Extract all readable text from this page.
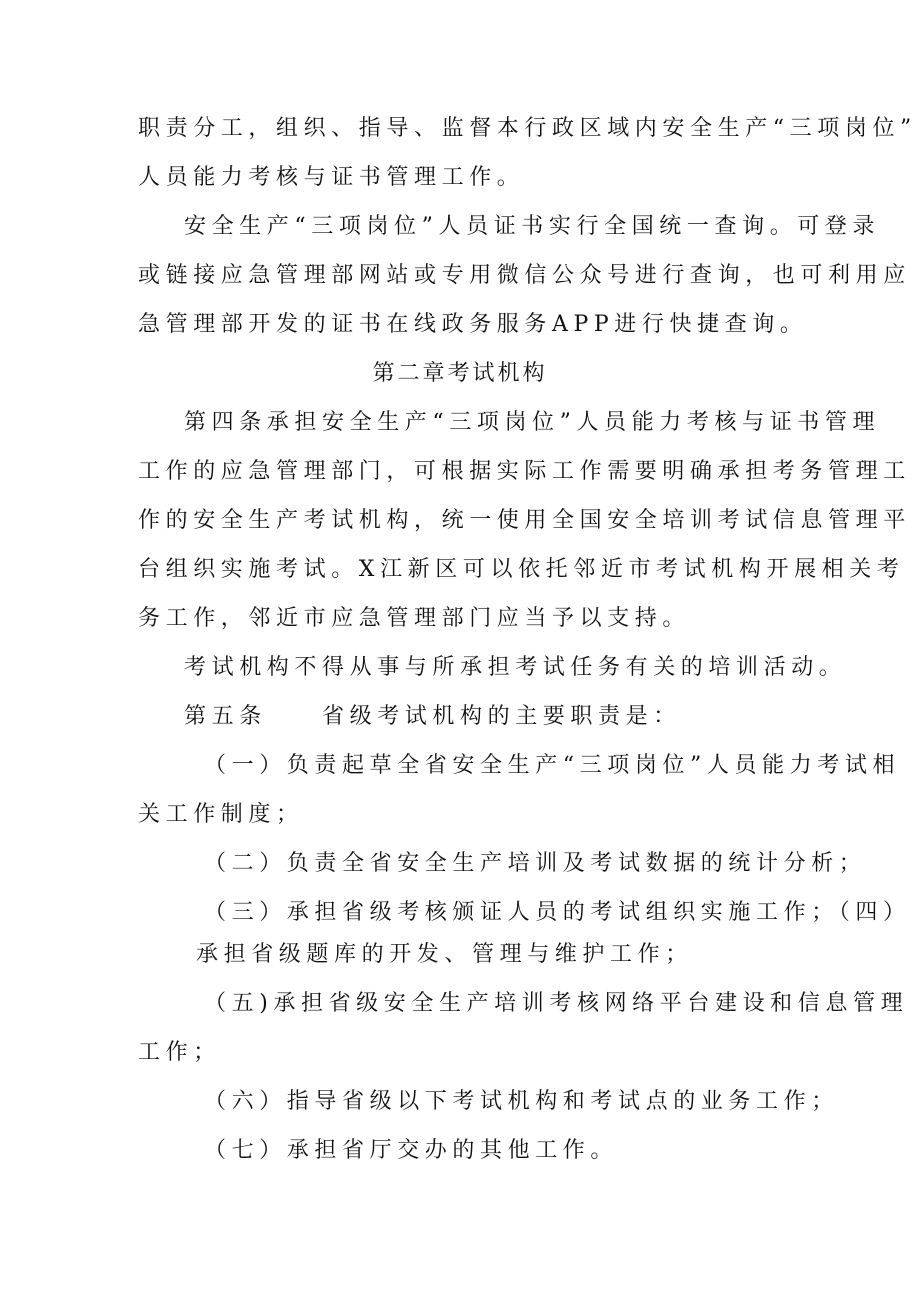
职责分工，组织、指导、监督本行政区域内安全生产“三项岗位”
人员能力考核与证书管理工作。
安全生产“三项岗位”人员证书实行全国统一查询。可登录
或链接应急管理部网站或专用微信公众号进行查询，也可利用应
急管理部开发的证书在线政务服务APP进行快捷查询。
第二章考试机构
第四条承担安全生产“三项岗位”人员能力考核与证书管理
工作的应急管理部门，可根据实际工作需要明确承担考务管理工
作的安全生产考试机构，统一使用全国安全培训考试信息管理平
台组织实施考试。X江新区可以依托邻近市考试机构开展相关考
务工作，邻近市应急管理部门应当予以支持。
考试机构不得从事与所承担考试任务有关的培训活动。
第五条　　省级考试机构的主要职责是：
（一）负责起草全省安全生产“三项岗位”人员能力考试相
关工作制度；
（二）负责全省安全生产培训及考试数据的统计分析；
（三）承担省级考核颁证人员的考试组织实施工作；（四）
承担省级题库的开发、管理与维护工作；
（五)承担省级安全生产培训考核网络平台建设和信息管理
工作；
（六）指导省级以下考试机构和考试点的业务工作；
（七）承担省厅交办的其他工作。
